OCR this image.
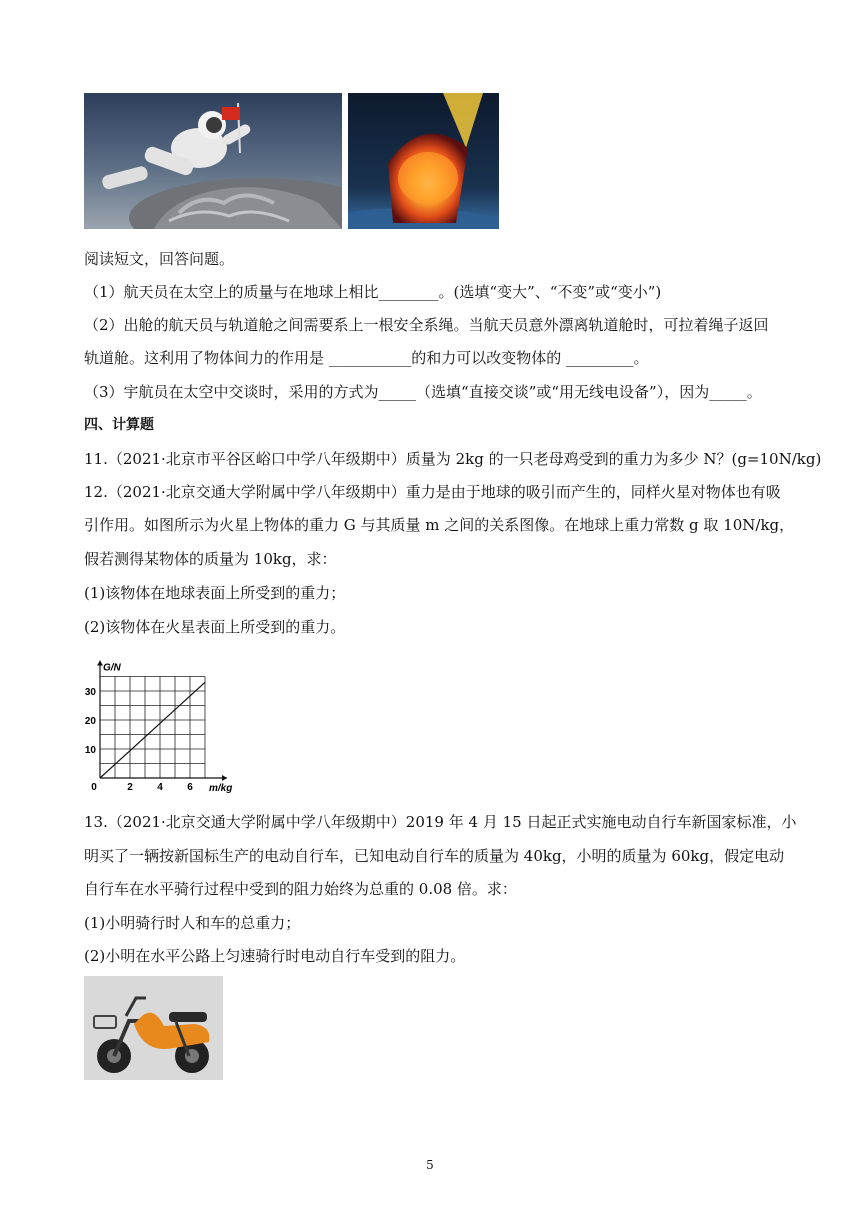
阅读短文，回答问题。
（1）航天员在太空上的质量与在地球上相比________。(选填“变大”、“不变”或“变小”)
（2）出舱的航天员与轨道舱之间需要系上一根安全系绳。当航天员意外漂离轨道舱时，可拉着绳子返回
轨道舱。这利用了物体间力的作用是 ___________的和力可以改变物体的 _________。
（3）宇航员在太空中交谈时，采用的方式为_____（选填“直接交谈”或“用无线电设备”），因为_____。
四、计算题
11.（2021·北京市平谷区峪口中学八年级期中）质量为 2kg 的一只老母鸡受到的重力为多少 N？(g=10N/kg)
12.（2021·北京交通大学附属中学八年级期中）重力是由于地球的吸引而产生的，同样火星对物体也有吸
引作用。如图所示为火星上物体的重力 G 与其质量 m 之间的关系图像。在地球上重力常数 g 取 10N/kg，
假若测得某物体的质量为 10kg，求：
(1)该物体在地球表面上所受到的重力；
(2)该物体在火星表面上所受到的重力。
2 4 6
10
20
30
0	m/kg
G/N
13.（2021·北京交通大学附属中学八年级期中）2019 年 4 月 15 日起正式实施电动自行车新国家标准，小
明买了一辆按新国标生产的电动自行车，已知电动自行车的质量为 40kg，小明的质量为 60kg，假定电动
自行车在水平骑行过程中受到的阻力始终为总重的 0.08 倍。求：
(1)小明骑行时人和车的总重力；
(2)小明在水平公路上匀速骑行时电动自行车受到的阻力。
5
